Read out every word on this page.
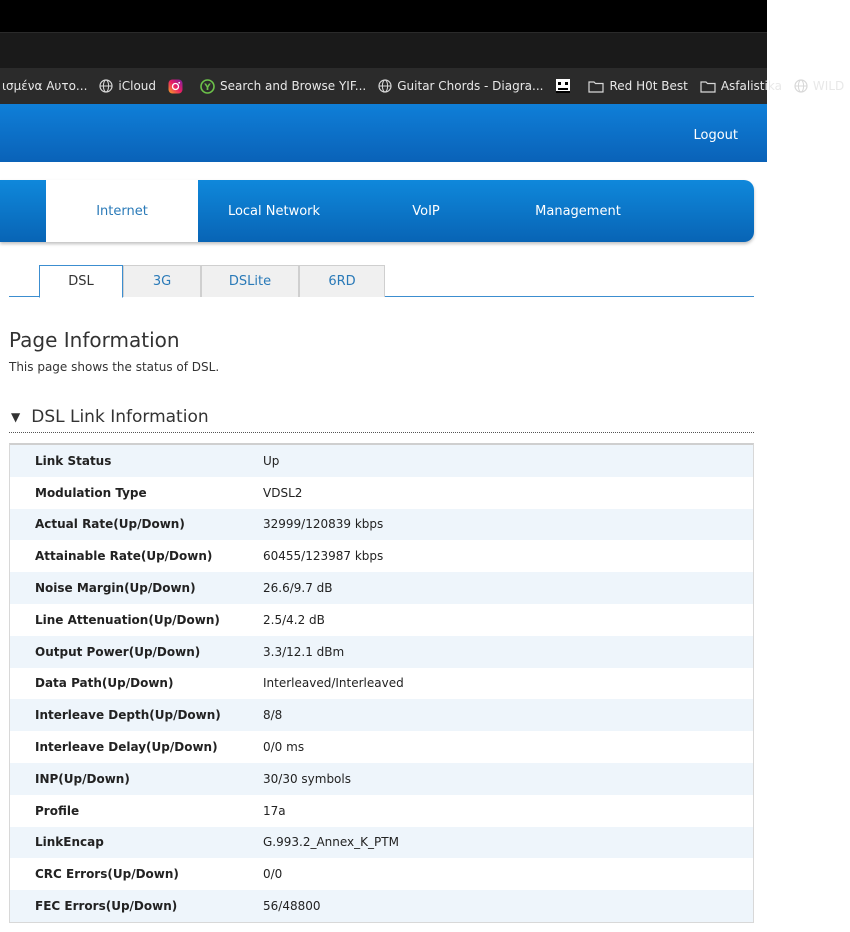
ισμένα Αυτο...	iCloud	Y Search and Browse YIF...	Guitar Chords - Diagra...	Red H0t Best	Asfalistika	WILD
Logout
Internet	Local Network	VoIP	Management
DSL	3G	DSLite	6RD
Page Information
This page shows the status of DSL.
▼ DSL Link Information
Link Status	Up
Modulation Type	VDSL2
Actual Rate(Up/Down)	32999/120839 kbps
Attainable Rate(Up/Down)	60455/123987 kbps
Noise Margin(Up/Down)	26.6/9.7 dB
Line Attenuation(Up/Down)	2.5/4.2 dB
Output Power(Up/Down)	3.3/12.1 dBm
Data Path(Up/Down)	Interleaved/Interleaved
Interleave Depth(Up/Down)	8/8
Interleave Delay(Up/Down)	0/0 ms
INP(Up/Down)	30/30 symbols
Profile	17a
LinkEncap	G.993.2_Annex_K_PTM
CRC Errors(Up/Down)	0/0
FEC Errors(Up/Down)	56/48800
